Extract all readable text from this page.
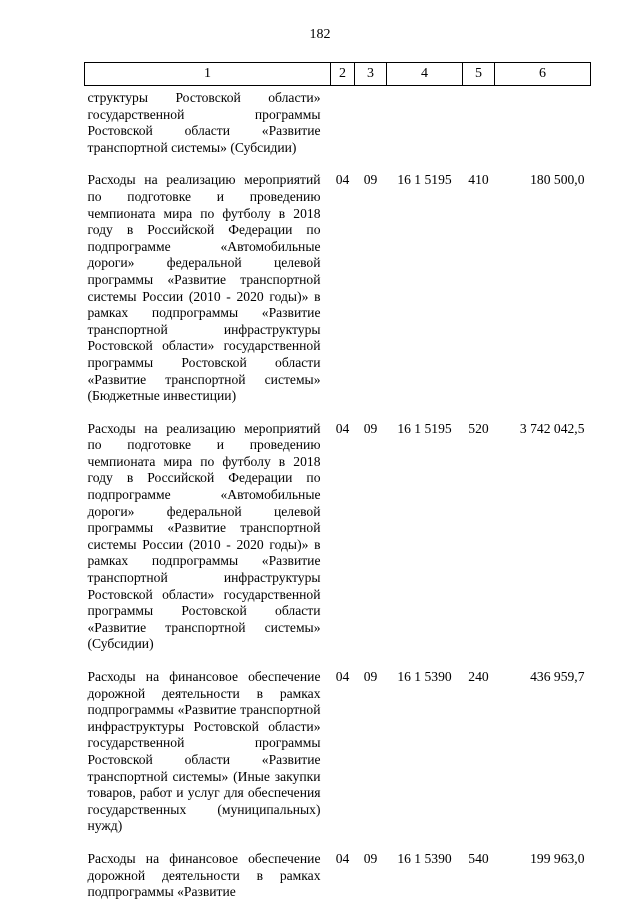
182
1	2	3	4	5	6
структуры Ростовской области» государственной программы Ростовской области «Развитие транспортной системы» (Субсидии)					
Расходы на реализацию мероприятий по подготовке и проведению чемпионата мира по футболу в 2018 году в Российской Федерации по подпрограмме «Автомобильные дороги» федеральной целевой программы «Развитие транспортной системы России (2010 - 2020 годы)» в рамках подпрограммы «Развитие транспортной инфраструктуры Ростовской области» государственной программы Ростовской области «Развитие транспортной системы» (Бюджетные инвестиции)	04	09	16 1 5195	410	180 500,0
Расходы на реализацию мероприятий по подготовке и проведению чемпионата мира по футболу в 2018 году в Российской Федерации по подпрограмме «Автомобильные дороги» федеральной целевой программы «Развитие транспортной системы России (2010 - 2020 годы)» в рамках подпрограммы «Развитие транспортной инфраструктуры Ростовской области» государственной программы Ростовской области «Развитие транспортной системы» (Субсидии)	04	09	16 1 5195	520	3 742 042,5
Расходы на финансовое обеспечение дорожной деятельности в рамках подпрограммы «Развитие транспортной инфраструктуры Ростовской области» государственной программы Ростовской области «Развитие транспортной системы» (Иные закупки товаров, работ и услуг для обеспечения государственных (муниципальных) нужд)	04	09	16 1 5390	240	436 959,7
Расходы на финансовое обеспечение дорожной деятельности в рамках подпрограммы «Развитие	04	09	16 1 5390	540	199 963,0
